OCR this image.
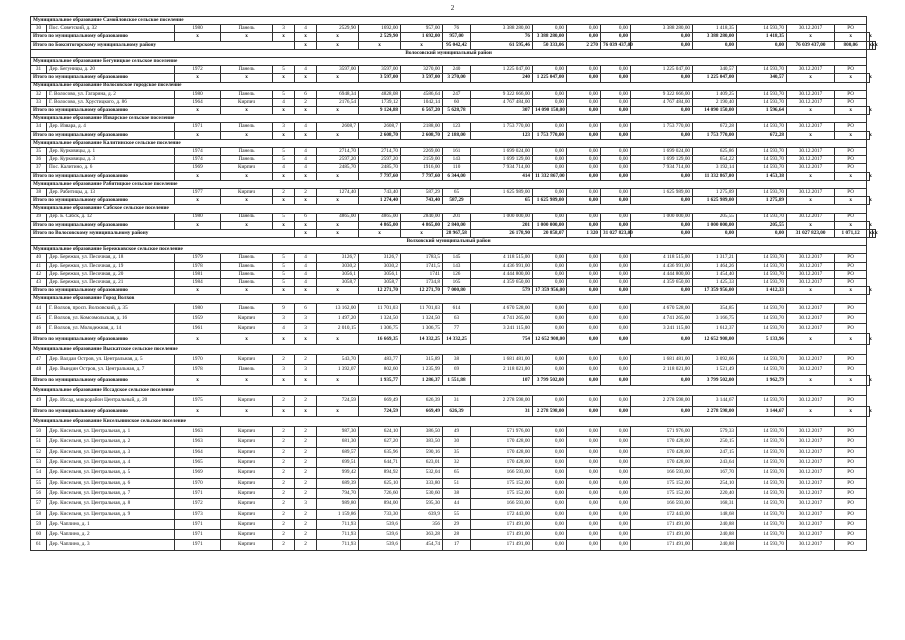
2
Муниципальное образование Самойловское сельское поселение																					
30	Пос. Советский, д. 32	1980	Панель	3	4	2529,90	1692,00	957,00	76	3 388 280,00	0,00	0,00	0,00	3 388 280,00	1 418,35	14 593,70	30.12.2017	РО			
Итого по муниципальному образованию		x	x	x	x	x	2 529,90	1 692,00	957,00	76	3 388 280,00	0,00	0,00	0,00	3 388 280,00	1 418,35	x	x	x		
Итого по Бокситогорскому муниципальному району					x	x	x	x	95 042,42	61 595,46	50 333,06	2 270	76 039 437,00	0,00	0,00	0,00	76 039 437,00	800,06	x	x	x
Волосовский муниципальный район																					
Муниципальное образование Бегуницкое сельское поселение																					
31	Дер. Бегуницы, д. 20	1972	Панель	5	4	3597,00	3597,00	3270,00	240	1 225 047,00	0,00	0,00	0,00	1 225 047,00	340,57	14 593,70	30.12.2017	РО			
Итого по муниципальному образованию		x	x	x	x	x	3 597,00	3 597,00	3 270,00	240	1 225 047,00	0,00	0,00	0,00	1 225 047,00	340,57	x	x	x		
Муниципальное образование Волосовское городское поселение																					
32	Г. Волосово, ул. Гагарина, д. 2	1980	Панель	5	6	6948,34	4828,08	4586,64	247	9 322 666,00	0,00	0,00	0,00	9 322 666,00	1 409,25	14 593,70	30.12.2017	РО			
33	Г. Волосово, ул. Хрустицкого, д. 86	1964	Кирпич	4	2	2176,54	1739,12	1042,14	60	4 767 484,00	0,00	0,00	0,00	4 767 484,00	2 190,40	14 593,70	30.12.2017	РО			
Итого по муниципальному образованию		x	x	x	x	x	9 124,88	6 567,20	5 628,78	307	14 090 150,00	0,00	0,00	0,00	14 090 150,00	1 596,64	x	x	x		
Муниципальное образование Изварское сельское поселение																					
34	Дер. Извара, д. 4	1971	Панель	3	4	2608,7	2608,7	2188,00	123	1 753 770,00	0,00	0,00	0,00	1 753 770,00	672,28	14 593,70	30.12.2017	РО			
Итого по муниципальному образованию		x	x	x	x	x	2 608,70	2 608,70	2 188,00	123	1 753 770,00	0,00	0,00	0,00	1 753 770,00	672,28	x	x	x		
Муниципальное образование Калитинское сельское поселение																					
35	Дер. Курковицы, д. 1	1974	Панель	5	4	2714,70	2714,70	2269,00	161	1 699 024,00	0,00	0,00	0,00	1 699 024,00	625,86	14 593,70	30.12.2017	РО			
36	Дер. Курковицы, д. 3	1974	Панель	5	4	2597,20	2597,20	2159,00	143	1 699 129,00	0,00	0,00	0,00	1 699 129,00	654,22	14 593,70	30.12.2017	РО			
37	Пос. Калитино, д. 6	1969	Кирпич	4	4	2485,70	2485,70	1916,00	110	7 934 714,00	0,00	0,00	0,00	7 934 714,00	3 192,14	14 593,70	30.12.2017	РО			
Итого по муниципальному образованию		x	x	x	x	x	7 797,60	7 797,60	6 344,00	414	11 332 867,00	0,00	0,00	0,00	11 332 867,00	1 453,38	x	x	x		
Муниципальное образование Рабитицкое сельское поселение																					
38	Дер. Рабитицы, д. 13	1977	Кирпич	2	2	1274,40	743,40	587,29	65	1 625 989,00	0,00	0,00	0,00	1 625 989,00	1 275,89	14 593,70	30.12.2017	РО			
Итого по муниципальному образованию		x	x	x	x	x	1 274,40	743,40	587,29	65	1 625 989,00	0,00	0,00	0,00	1 625 989,00	1 275,89	x	x	x		
Муниципальное образование Сабское сельское поселение																					
39	Дер. Б. Сабск, д. 12	1980	Панель	5	6	4865,00	4865,00	2840,00	201	1 000 000,00	0,00	0,00	0,00	1 000 000,00	205,55	14 593,70	30.12.2017	РО			
Итого по муниципальному образованию		x	x	x	x	x	4 865,00	4 865,00	2 840,00	201	1 000 000,00	0,00	0,00	0,00	1 000 000,00	205,55	x	x	x		
Итого по Волосовскому муниципальному району					x	x	x	x	28 967,58	26 178,90	20 858,07	1 320	31 027 823,00	0,00	0,00	0,00	31 027 823,00	1 071,12	x	x	x
Волховский муниципальный район																					
Муниципальное образование Бережковское сельское поселение																					
40	Дер. Бережки, ул. Песочная, д. 18	1979	Панель	5	4	3126,7	3126,7	1783,5	145	4 118 515,00	0,00	0,00	0,00	4 118 515,00	1 317,21	14 593,70	30.12.2017	РО			
41	Дер. Бережки, ул. Песочная, д. 19	1978	Панель	5	4	3030,2	3030,2	1741,5	143	4 436 991,00	0,00	0,00	0,00	4 436 991,00	1 464,26	14 593,70	30.12.2017	РО			
42	Дер. Бережки, ул. Песочная, д. 20	1981	Панель	5	4	3056,1	3056,1	1741	126	4 444 800,00	0,00	0,00	0,00	4 444 800,00	1 454,40	14 593,70	30.12.2017	РО			
43	Дер. Бережки, ул. Песочная, д. 21	1984	Панель	5	4	3058,7	3058,7	1734,8	165	4 359 650,00	0,00	0,00	0,00	4 359 650,00	1 425,33	14 593,70	30.12.2017	РО			
Итого по муниципальному образованию		x	x	x	x	x	12 271,70	12 271,70	7 000,80	579	17 359 956,00	0,00	0,00	0,00	17 359 956,00	1 412,33	x	x	x		
Муниципальное образование Город Волхов																					
44	Г. Волхов, просп. Волховский, д. 35	1980	Панель	9	6	13 162,00	11 701,03	11 701,03	614	4 670 528,00	0,00	0,00	0,00	4 670 528,00	354,85	14 593,70	30.12.2017	РО			
45	Г. Волхов, ул. Комсомольская, д. 16	1959	Кирпич	3	3	1 497,20	1 324,50	1 324,50	63	4 741 265,00	0,00	0,00	0,00	4 741 265,00	3 166,75	14 593,70	30.12.2017	РО			
46	Г. Волхов, ул. Молодежная, д. 14	1961	Кирпич	4	3	2 010,15	1 306,75	1 306,75	77	3 241 115,00	0,00	0,00	0,00	3 241 115,00	1 612,37	14 593,70	30.12.2017	РО			
Итого по муниципальному образованию		x	x	x	x	x	16 669,35	14 332,25	14 332,25	754	12 652 908,00	0,00	0,00	0,00	12 652 908,00	5 133,96	x	x	x		
Муниципальное образование Выскатское сельское поселение																					
47	Дер. Валдаи Остров, ул. Центральная, д. 5	1970	Кирпич	2	2	543,70	483,77	315,89	38	1 681 481,00	0,00	0,00	0,00	1 681 481,00	3 092,66	14 593,70	30.12.2017	РО			
48	Дер. Вындин Остров, ул. Центральная, д. 7	1978	Панель	3	3	1 392,07	802,60	1 235,99	69	2 118 021,00	0,00	0,00	0,00	2 118 021,00	1 521,49	14 593,70	30.12.2017	РО			
Итого по муниципальному образованию		x	x	x	x	x	1 935,77	1 286,37	1 551,88	107	3 799 502,00	0,00	0,00	0,00	3 799 502,00	1 962,79	x	x	x		
Муниципальное образование Иссадское сельское поселение																					
49	Дер. Иссад, микрорайон Центральный, д. 20	1975	Кирпич	2	2	724,59	669,49	626,39	31	2 278 598,00	0,00	0,00	0,00	2 278 598,00	3 144,67	14 593,70	30.12.2017	РО			
Итого по муниципальному образованию		x	x	x	x	x	724,59	669,49	626,39	31	2 278 598,00	0,00	0,00	0,00	2 278 598,00	3 144,67	x	x	x		
Муниципальное образование Кисельнинское сельское поселение																					
50	Дер. Кисельня, ул. Центральная, д. 1	1963	Кирпич	2	2	987,30	624,10	386,50	49	571 976,00	0,00	0,00	0,00	571 976,00	579,33	14 593,70	30.12.2017	РО			
51	Дер. Кисельня, ул. Центральная, д. 2	1963	Кирпич	2	2	681,30	627,20	383,50	30	170 428,00	0,00	0,00	0,00	170 428,00	250,15	14 593,70	30.12.2017	РО			
52	Дер. Кисельня, ул. Центральная, д. 3	1964	Кирпич	2	2	689,57	635,96	590,16	35	170 428,00	0,00	0,00	0,00	170 428,00	247,15	14 593,70	30.12.2017	РО			
53	Дер. Кисельня, ул. Центральная, д. 4	1965	Кирпич	2	2	699,51	644,71	623,01	32	170 428,00	0,00	0,00	0,00	170 428,00	243,64	14 593,70	30.12.2017	РО			
54	Дер. Кисельня, ул. Центральная, д. 5	1969	Кирпич	2	2	999,42	894,92	532,04	65	166 593,00	0,00	0,00	0,00	166 593,00	167,70	14 593,70	30.12.2017	РО			
55	Дер. Кисельня, ул. Центральная, д. 6	1970	Кирпич	2	2	689,39	625,10	333,80	51	175 152,00	0,00	0,00	0,00	175 152,00	254,10	14 593,70	30.12.2017	РО			
56	Дер. Кисельня, ул. Центральная, д. 7	1971	Кирпич	2	2	794,70	726,60	530,60	38	175 152,00	0,00	0,00	0,00	175 152,00	220,40	14 593,70	30.12.2017	РО			
57	Дер. Кисельня, ул. Центральная, д. 8	1972	Кирпич	2	3	989,80	894,00	595,30	44	166 593,00	0,00	0,00	0,00	166 593,00	168,31	14 593,70	30.12.2017	РО			
58	Дер. Кисельня, ул. Центральная, д. 9	1973	Кирпич	2	2	1 159,86	733,30	639,9	55	172 443,00	0,00	0,00	0,00	172 443,00	148,68	14 593,70	30.12.2017	РО			
59	Дер. Чаплино, д. 1	1971	Кирпич	2	2	711,93	539,6	356	29	171 491,00	0,00	0,00	0,00	171 491,00	240,88	14 593,70	30.12.2017	РО			
60	Дер. Чаплино, д. 2	1971	Кирпич	2	2	711,93	539,6	363,28	28	171 491,00	0,00	0,00	0,00	171 491,00	240,88	14 593,70	30.12.2017	РО			
61	Дер. Чаплино, д. 3	1971	Кирпич	2	2	711,93	539,6	454,74	17	171 491,00	0,00	0,00	0,00	171 491,00	240,88	14 593,70	30.12.2017	РО			
